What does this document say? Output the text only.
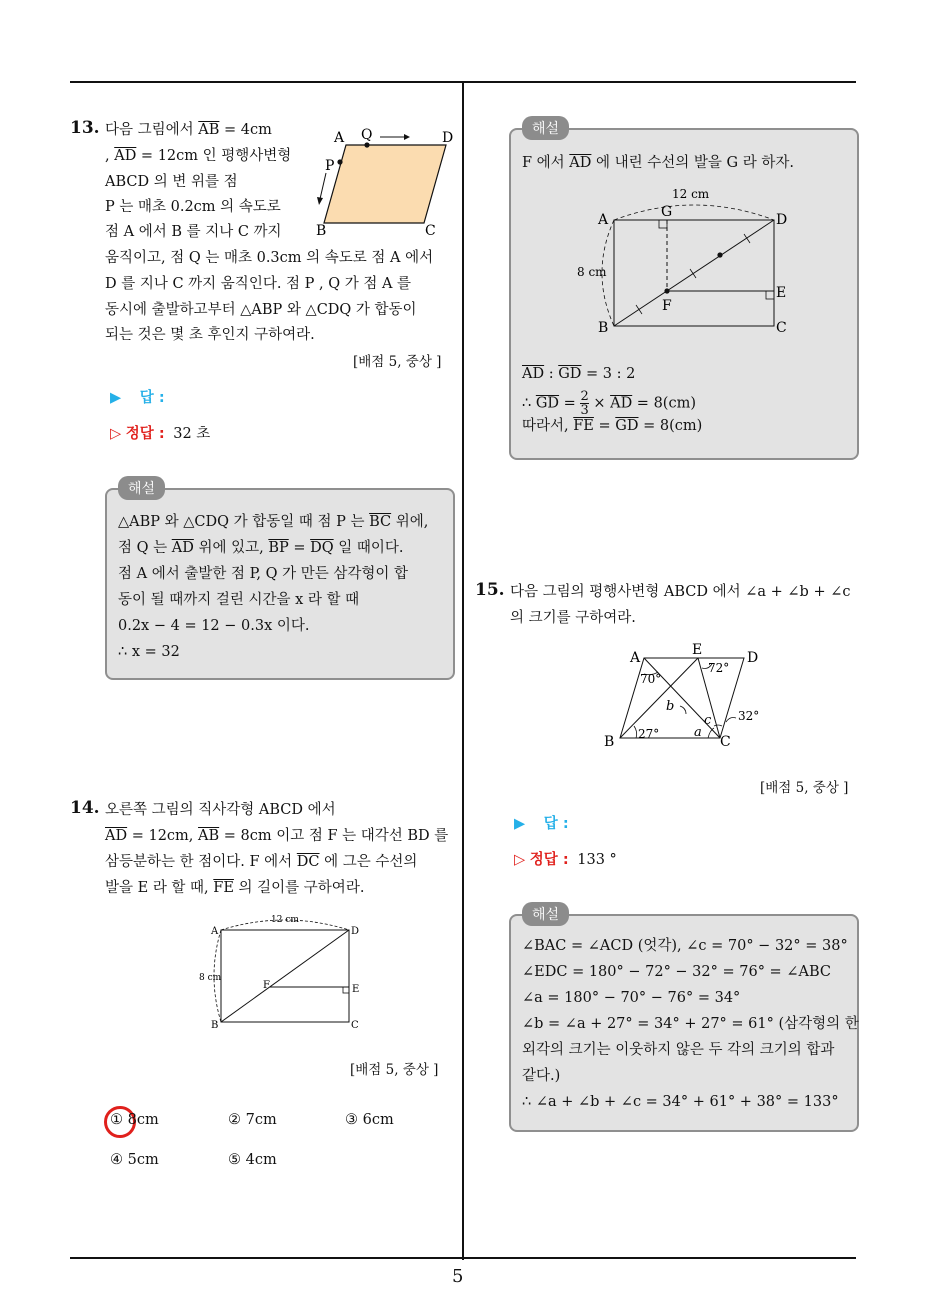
5
13. 다음 그림에서 $\overline{AB} = 4cm$
, $\overline{AD} = 12cm$ 인 평행사변형
ABCD 의 변 위를 점
P 는 매초 0.2cm 의 속도로
점 A 에서 B 를 지나 C 까지
움직이고, 점 Q 는 매초 0.3cm 의 속도로 점 A 에서
D 를 지나 C 까지 움직인다. 점 P , Q 가 점 A 를
동시에 출발하고부터 △ABP 와 △CDQ 가 합동이
되는 것은 몇 초 후인지 구하여라.
A Q	D
P
B	C
[배점 5, 중상 ]
▶ 답 :
▷ 정답 : 32 초
해설
△ABP 와 △CDQ 가 합동일 때 점 P 는 $\overline{BC}$ 위에,
점 Q 는 $\overline{AD}$ 위에 있고, $\overline{BP} = \overline{DQ}$ 일 때이다.
점 A 에서 출발한 점 P, Q 가 만든 삼각형이 합
동이 될 때까지 걸린 시간을 x 라 할 때
0.2x − 4 = 12 − 0.3x 이다.
∴ x = 32
14. 오른쪽 그림의 직사각형 ABCD 에서
$\overline{AD} = 12cm$, $\overline{AB} = 8cm$ 이고 점 F 는 대각선 BD 를
삼등분하는 한 점이다. F 에서 $\overline{DC}$ 에 그은 수선의
발을 E 라 할 때, $\overline{FE}$ 의 길이를 구하여라.
A	D
B	C
F	E
12 cm
8 cm
[배점 5, 중상 ]
① 8cm	② 7cm	③ 6cm
④ 5cm	⑤ 4cm
해설
F 에서 $\overline{AD}$ 에 내린 수선의 발을 G 라 하자.
A	G	D
E
F
B	C
12 cm
8 cm
$\overline{AD}$ : $\overline{GD} = 3$ : 2
∴ $\overline{GD} = \frac{2}{3} \times \overline{AD} = 8(cm)$
따라서, $\overline{FE} = \overline{GD} = 8(cm)$
15. 다음 그림의 평행사변형 ABCD 에서 ∠a + ∠b + ∠c
의 크기를 구하여라.
A	E	D
B	C
72°
70°
b
c 32°
27°	a
[배점 5, 중상 ]
▶ 답 :
▷ 정답 : 133 °
해설
∠BAC = ∠ACD (엇각), ∠c = 70° − 32° = 38°
∠EDC = 180° − 72° − 32° = 76° = ∠ABC
∠a = 180° − 70° − 76° = 34°
∠b = ∠a + 27° = 34° + 27° = 61° (삼각형의 한
외각의 크기는 이웃하지 않은 두 각의 크기의 합과
같다.)
∴ ∠a + ∠b + ∠c = 34° + 61° + 38° = 133°
